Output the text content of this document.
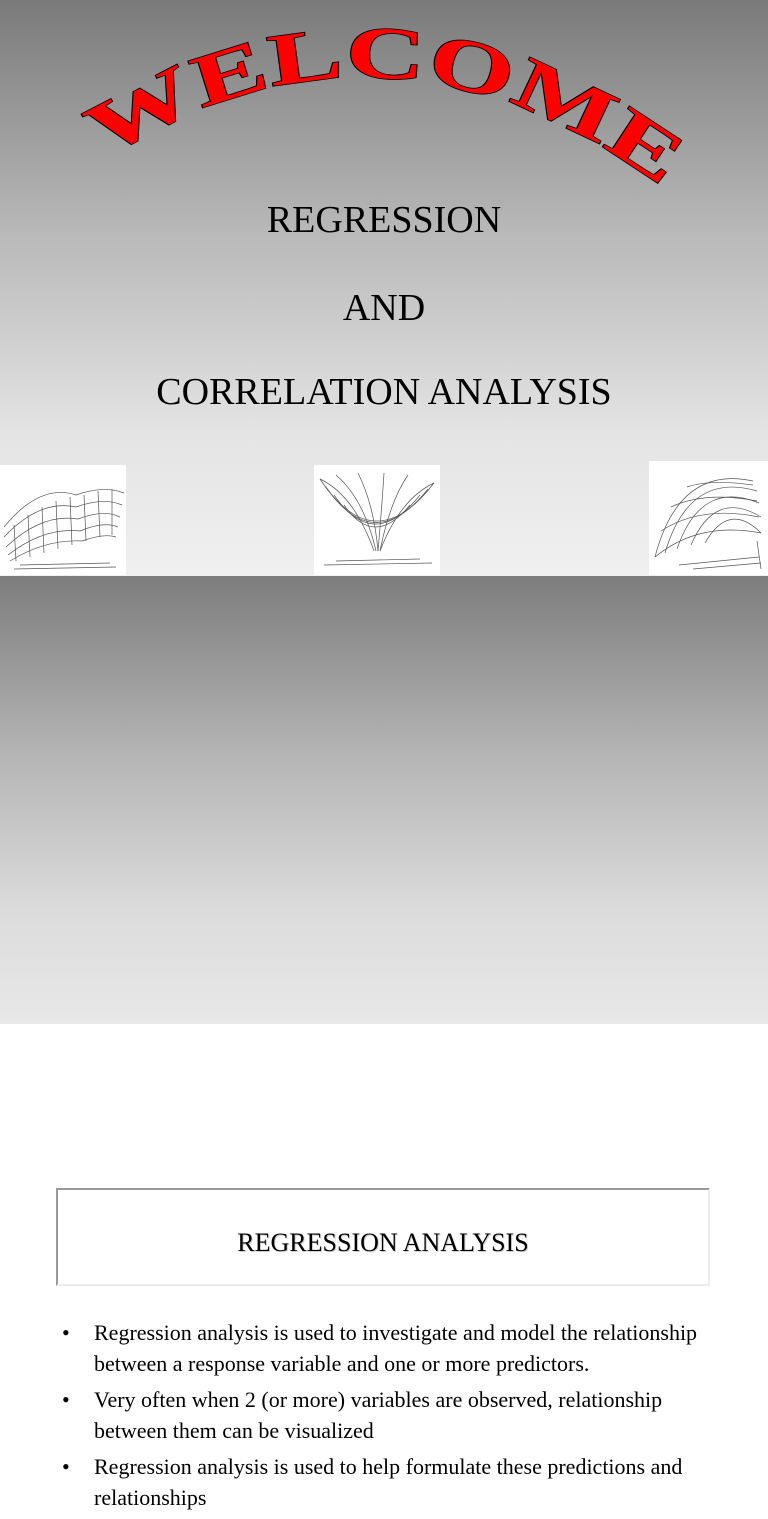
WELCOME
REGRESSION
AND
CORRELATION ANALYSIS
REGRESSION ANALYSIS
• Regression analysis is used to investigate and model the relationship between a response variable and one or more predictors.
• Very often when 2 (or more) variables are observed, relationship between them can be visualized
• Regression analysis is used to help formulate these predictions and relationships
